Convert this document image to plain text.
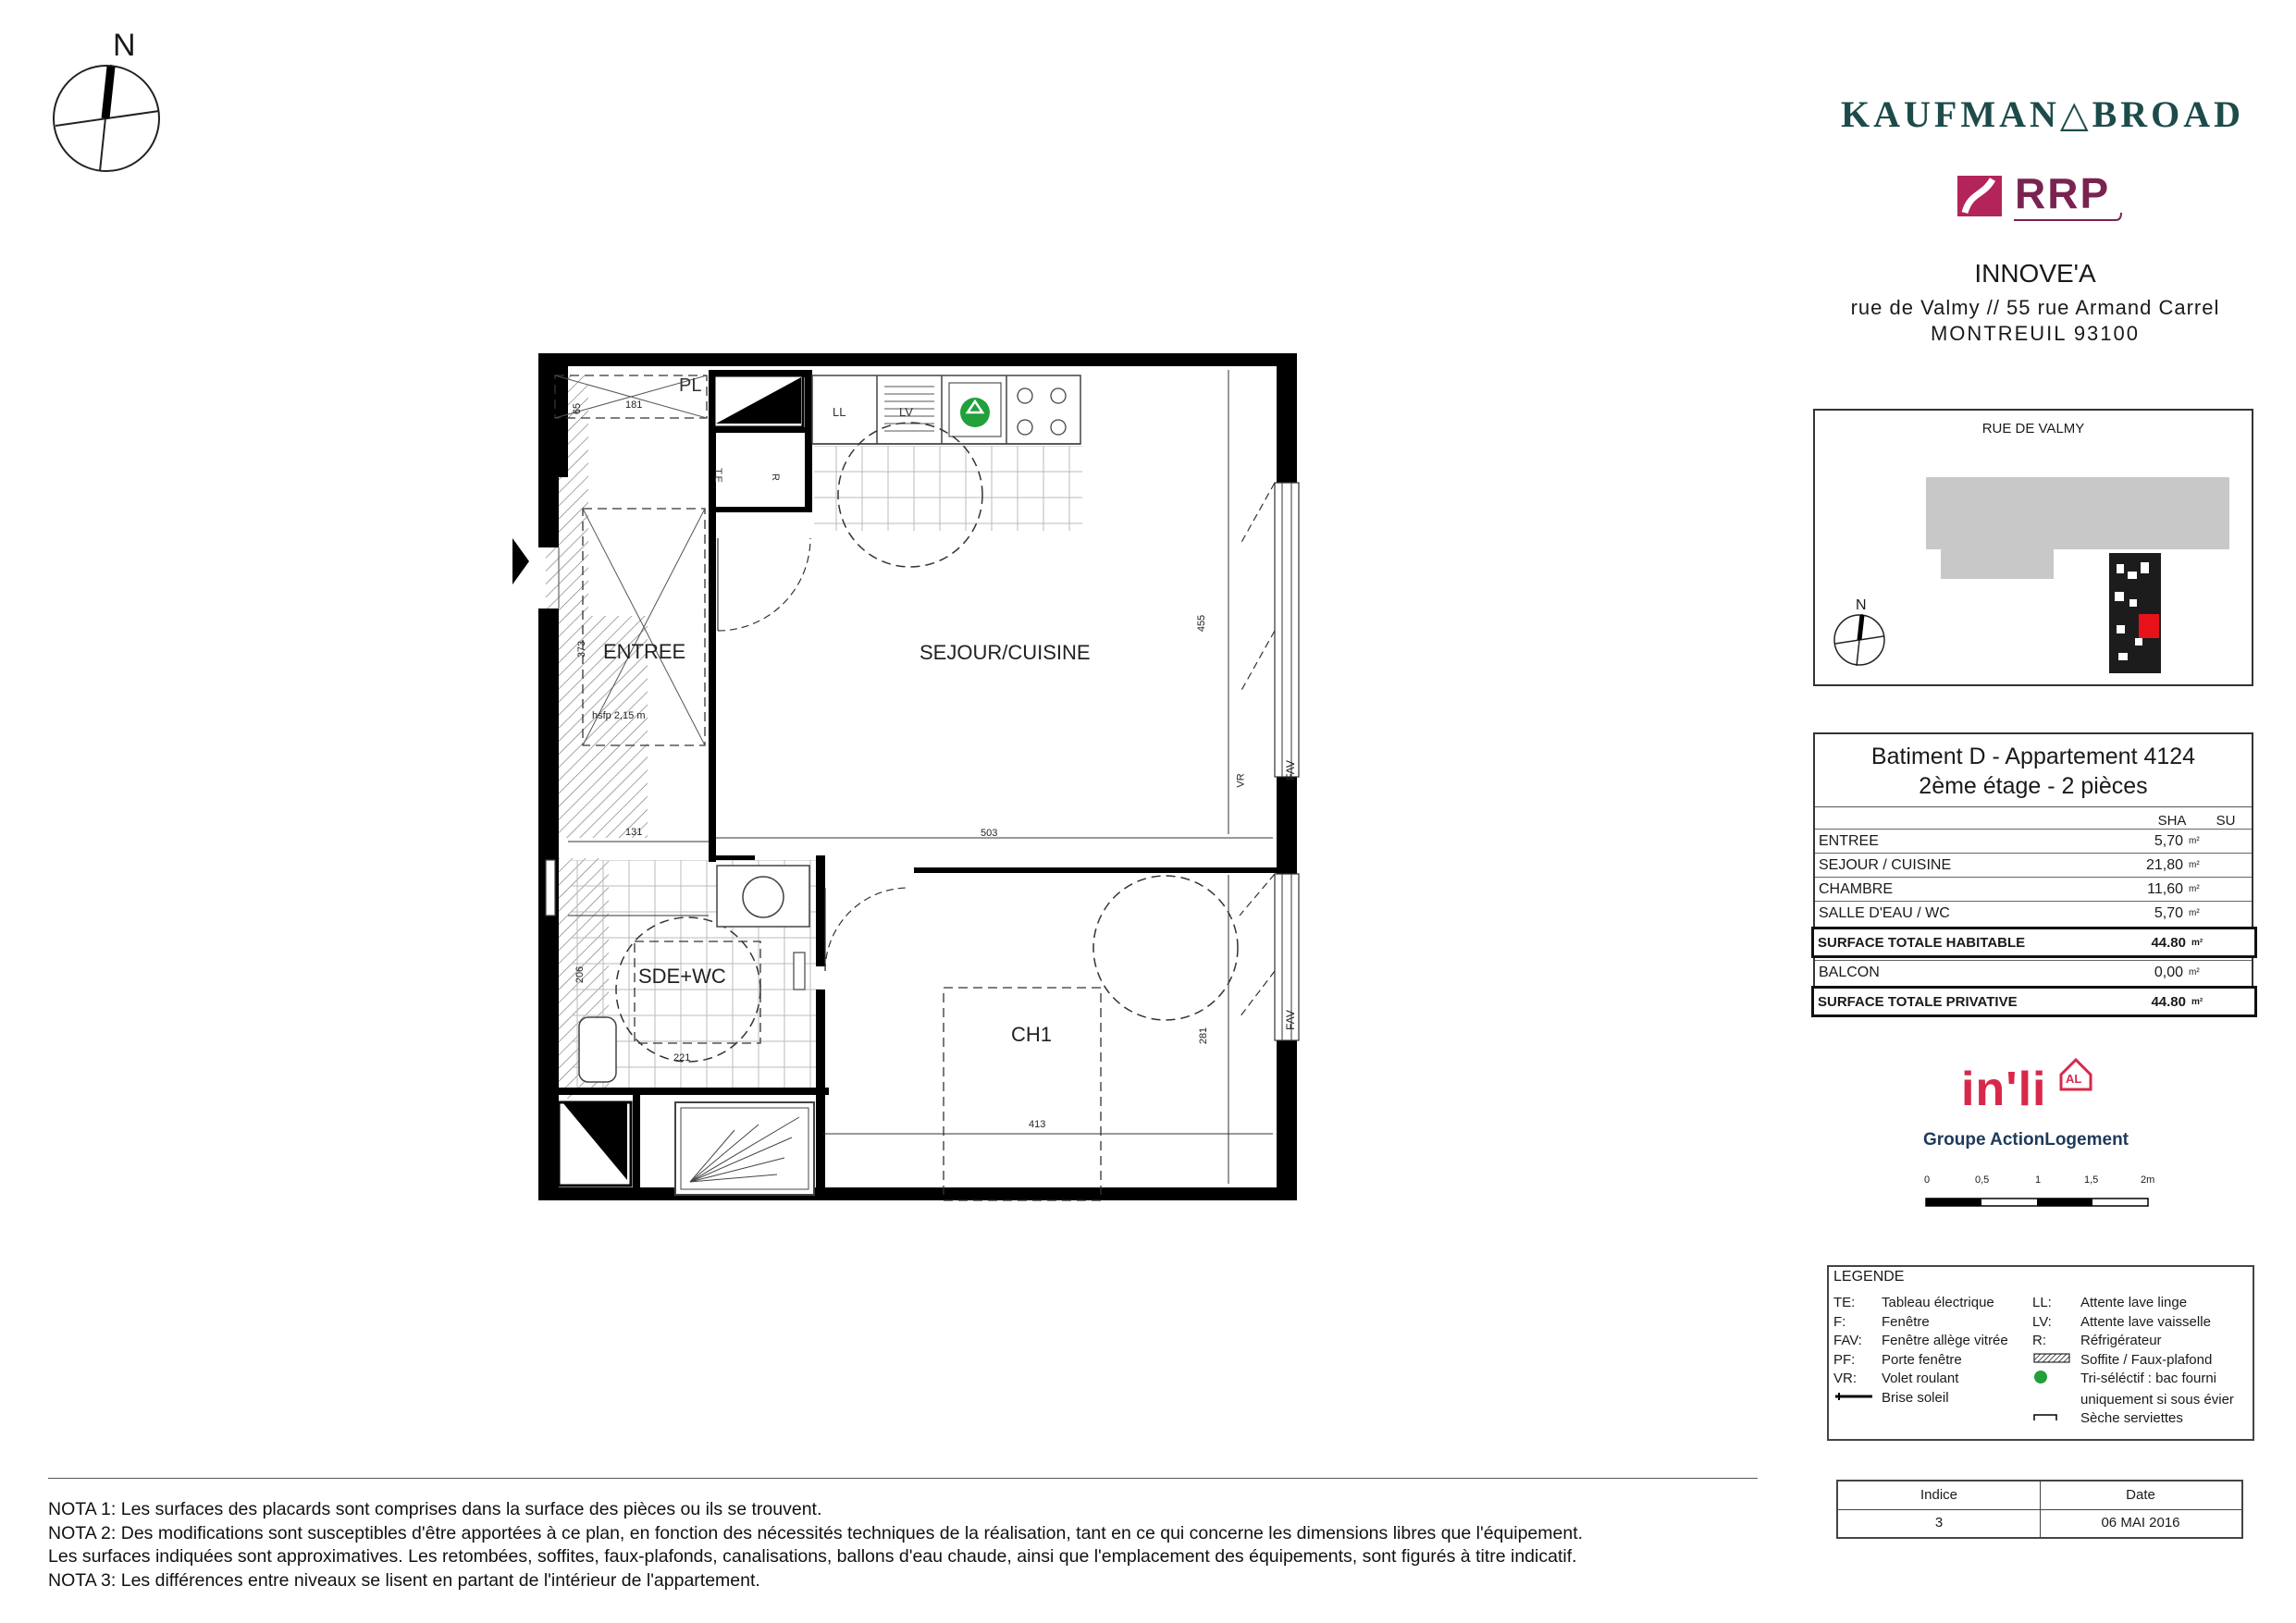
N
KAUFMAN△BROAD
RRP
INNOVE'A
rue de Valmy // 55 rue Armand Carrel
MONTREUIL 93100
RUE DE VALMY
N
ENTREE	SEJOUR/CUISINE
SDE+WC
CH1
PL
LL	LV
T.E	R
hsfp 2,15 m
VR
FAV
FAV
181
65
373
131	503
455
206
221
413
281
Batiment D - Appartement 4124
2ème étage - 2 pièces
SHA	SU
ENTREE	5,70 m²
SEJOUR / CUISINE	21,80 m²
CHAMBRE	11,60 m²
SALLE D'EAU / WC	5,70 m²
SURFACE TOTALE HABITABLE	44.80 m²
BALCON	0,00 m²
SURFACE TOTALE PRIVATIVE	44.80 m²
in'li AL
Groupe ActionLogement
0	0,5	1	1,5	2m
LEGENDE
TE:	Tableau électrique
F:	Fenêtre
FAV:	Fenêtre allège vitrée
PF:	Porte fenêtre
VR:	Volet roulant
Brise soleil
LL:	Attente lave linge
LV:	Attente lave vaisselle
R:	Réfrigérateur
Soffite / Faux-plafond
Tri-séléctif : bac fourni
uniquement si sous évier
Sèche serviettes
Indice	Date
3	06 MAI 2016
NOTA 1: Les surfaces des placards sont comprises dans la surface des pièces ou ils se trouvent.
NOTA 2: Des modifications sont susceptibles d'être apportées à ce plan, en fonction des nécessités techniques de la réalisation, tant en ce qui concerne les dimensions libres que l'équipement.
Les surfaces indiquées sont approximatives. Les retombées, soffites, faux-plafonds, canalisations, ballons d'eau chaude, ainsi que l'emplacement des équipements, sont figurés à titre indicatif.
NOTA 3: Les différences entre niveaux se lisent en partant de l'intérieur de l'appartement.
